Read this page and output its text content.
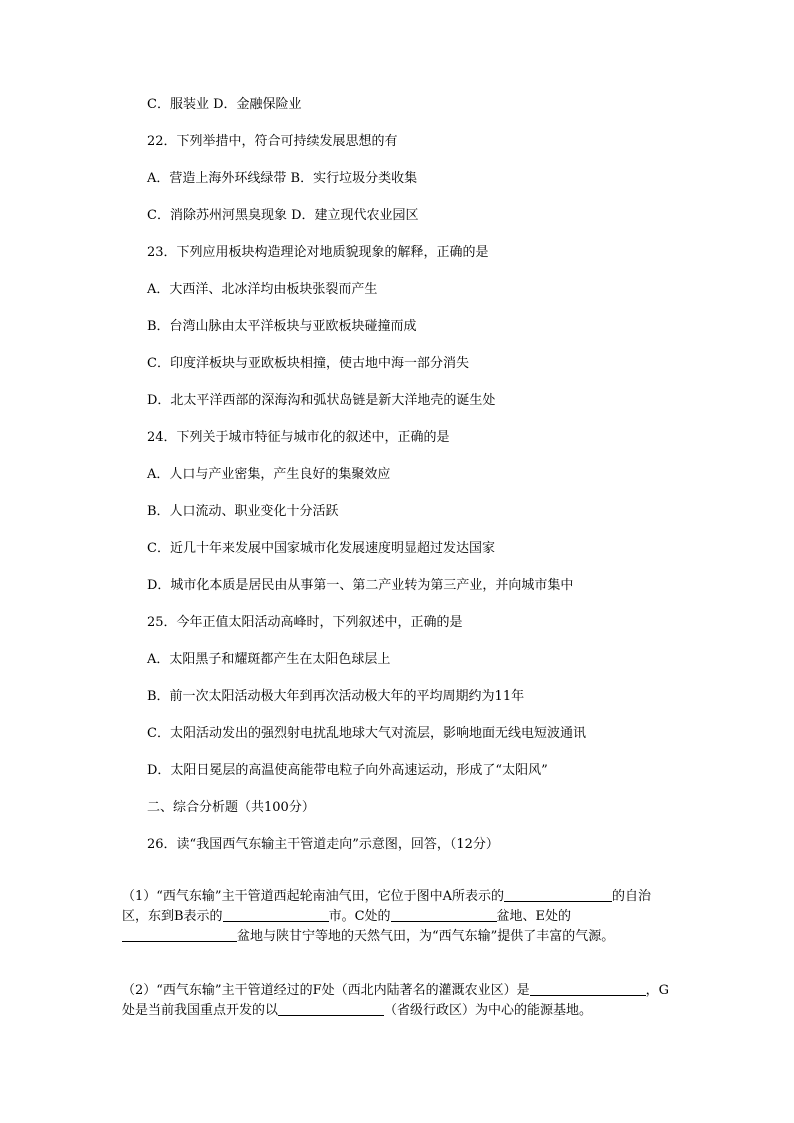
C．服装业 D．金融保险业
22．下列举措中，符合可持续发展思想的有
A．营造上海外环线绿带 B．实行垃圾分类收集
C．消除苏州河黑臭现象 D．建立现代农业园区
23．下列应用板块构造理论对地质貌现象的解释，正确的是
A．大西洋、北冰洋均由板块张裂而产生
B．台湾山脉由太平洋板块与亚欧板块碰撞而成
C．印度洋板块与亚欧板块相撞，使古地中海一部分消失
D．北太平洋西部的深海沟和弧状岛链是新大洋地壳的诞生处
24．下列关于城市特征与城市化的叙述中，正确的是
A．人口与产业密集，产生良好的集聚效应
B．人口流动、职业变化十分活跃
C．近几十年来发展中国家城市化发展速度明显超过发达国家
D．城市化本质是居民由从事第一、第二产业转为第三产业，并向城市集中
25．今年正值太阳活动高峰时，下列叙述中，正确的是
A．太阳黑子和耀斑都产生在太阳色球层上
B．前一次太阳活动极大年到再次活动极大年的平均周期约为11年
C．太阳活动发出的强烈射电扰乱地球大气对流层，影响地面无线电短波通讯
D．太阳日冕层的高温使高能带电粒子向外高速运动，形成了“太阳风”
二、综合分析题（共100分）
26．读“我国西气东输主干管道走向”示意图，回答，（12分）
（1）“西气东输”主干管道西起轮南油气田，它位于图中A所表示的	的自治区，东到B表示的	市。C处的	盆地、E处的盆地与陕甘宁等地的天然气田，为“西气东输”提供了丰富的气源。
（2）“西气东输”主干管道经过的F处（西北内陆著名的灌溉农业区）是	，G处是当前我国重点开发的以	（省级行政区）为中心的能源基地。
